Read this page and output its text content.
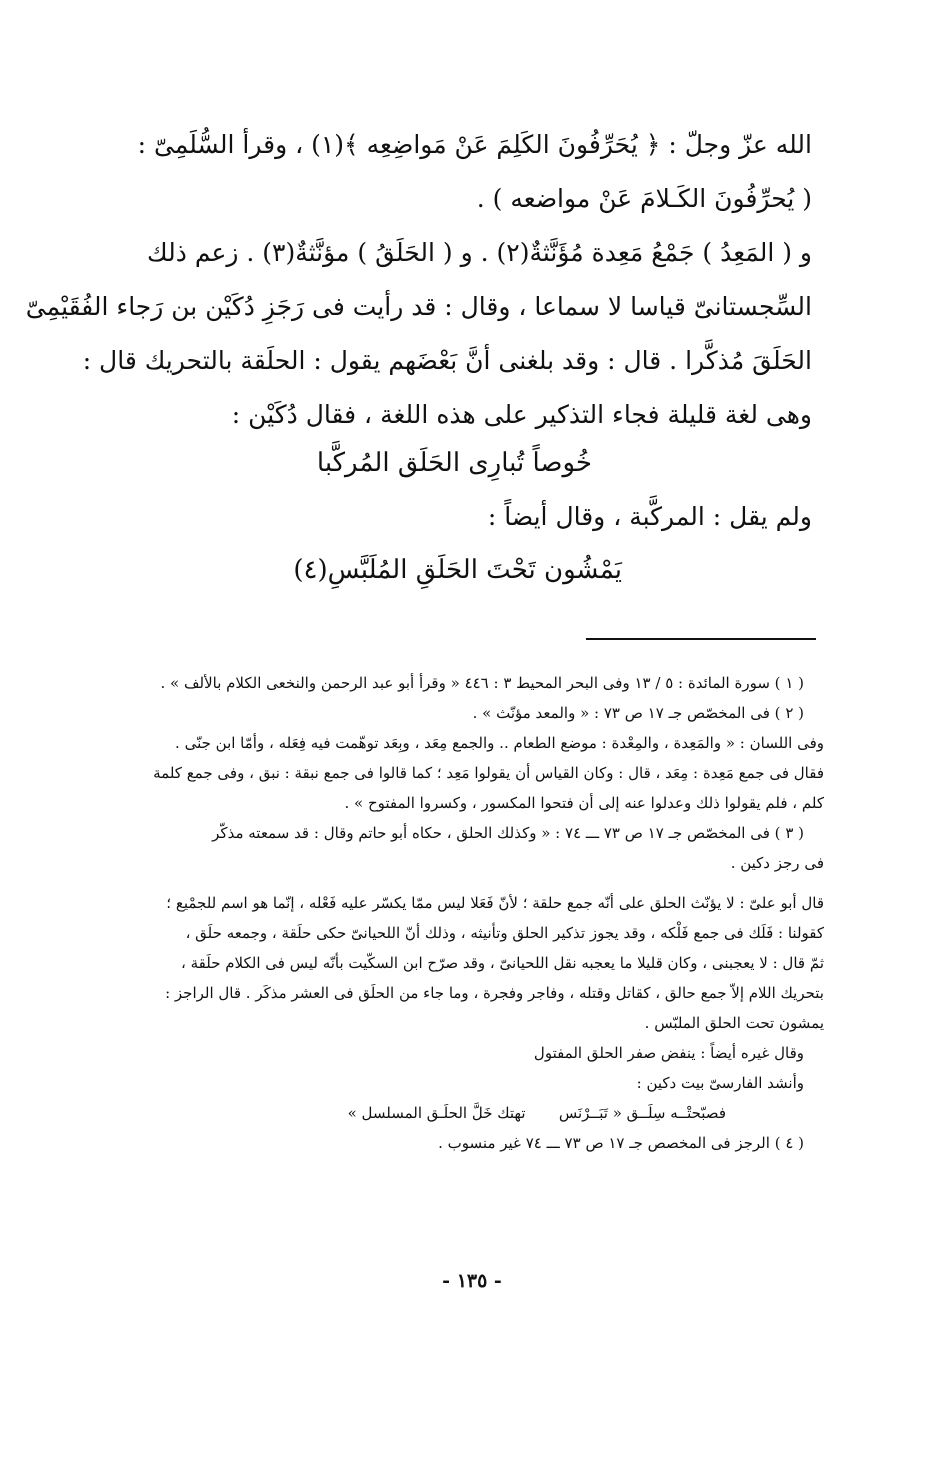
الله عزّ وجلّ : ﴿ يُحَرِّفُونَ الكَلِمَ عَنْ مَواضِعِه ﴾(١) ، وقرأ السُّلَمِىّ :

( يُحرِّفُونَ الكَـلامَ عَنْ مواضعه ) .

و ( المَعِدُ ) جَمْعُ مَعِدة مُؤَنَّثةٌ(٢) . و ( الحَلَقُ ) مؤنَّثةٌ(٣) . زعم ذلك

السِّجستانىّ قياسا لا سماعا ، وقال : قد رأيت فى رَجَزِ دُكَيْن بن رَجاء الفُقَيْمِىّ

الحَلَقَ مُذكَّرا . قال : وقد بلغنى أنَّ بَعْضَهم يقول : الحلَقة بالتحريك قال :

وهى لغة قليلة فجاء التذكير على هذه اللغة ، فقال دُكَيْن :

خُوصاً تُبارِى الحَلَق المُركَّبا
ولم يقل : المركَّبة ، وقال أيضاً :
يَمْشُون تَحْتَ الحَلَقِ المُلَبَّسِ(٤)

( ١ ) سورة المائدة : ٥ / ١٣ وفى البحر المحيط ٣ : ٤٤٦ « وقرأ أبو عبد الرحمن والنخعى الكلام بالألف » .

( ٢ ) فى المخصّص جـ ١٧ ص ٧٣ : « والمعد مؤنّث » .

وفى اللسان : « والمَعِدة ، والمِعْدة : موضع الطعام .. والجمع مِعَد ، وبِعَد توهّمت فيه فِعَله ، وأمّا ابن جنّى .

فقال فى جمع مَعِدة : مِعَد ، قال : وكان القياس أن يقولوا مَعِد ؛ كما قالوا فى جمع نبقة : نبق ، وفى جمع كلمة

كلم ، فلم يقولوا ذلك وعدلوا عنه إلى أن فتحوا المكسور ، وكسروا المفتوح » .

( ٣ ) فى المخصّص جـ ١٧ ص ٧٣ ـــ ٧٤ : « وكذلك الحلق ، حكاه أبو حاتم وقال : قد سمعته مذكّر

فى رجز دكين .

قال أبو علىّ : لا يؤنّث الحلق على أنّه جمع حلقة ؛ لأنّ فَعَلا ليس ممّا يكسّر عليه فَعْله ، إنّما هو اسم للجمْيع ؛

كقولنا : فَلَك فى جمع فَلْكه ، وقد يجوز تذكير الحلق وتأنيثه ، وذلك أنّ اللحيانىّ حكى حلَقة ، وجمعه حلَق ،

ثمّ قال : لا يعجبنى ، وكان قليلا ما يعجبه نقل اللحيانىّ ، وقد صرّح ابن السكّيت بأنّه ليس فى الكلام حلَقة ،

بتحريك اللام إلاّ جمع حالق ، كقاتل وقتله ، وفاجر وفجرة ، وما جاء من الحلَق فى العشر مذكَر . قال الراجز :

يمشون تحت الحلق الملبّس .

وقال غيره أيضاً : ينفض صفر الحلق المفتول

وأنشد الفارسىّ بيت دكين :

فصبّحتْــه سِلَــق « تَبَــرْنَس       تهتك خَلَّ الحلَـق المسلسل »

( ٤ ) الرجز فى المخصص جـ ١٧ ص ٧٣ ـــ ٧٤ غير منسوب .

- ١٣٥ -
